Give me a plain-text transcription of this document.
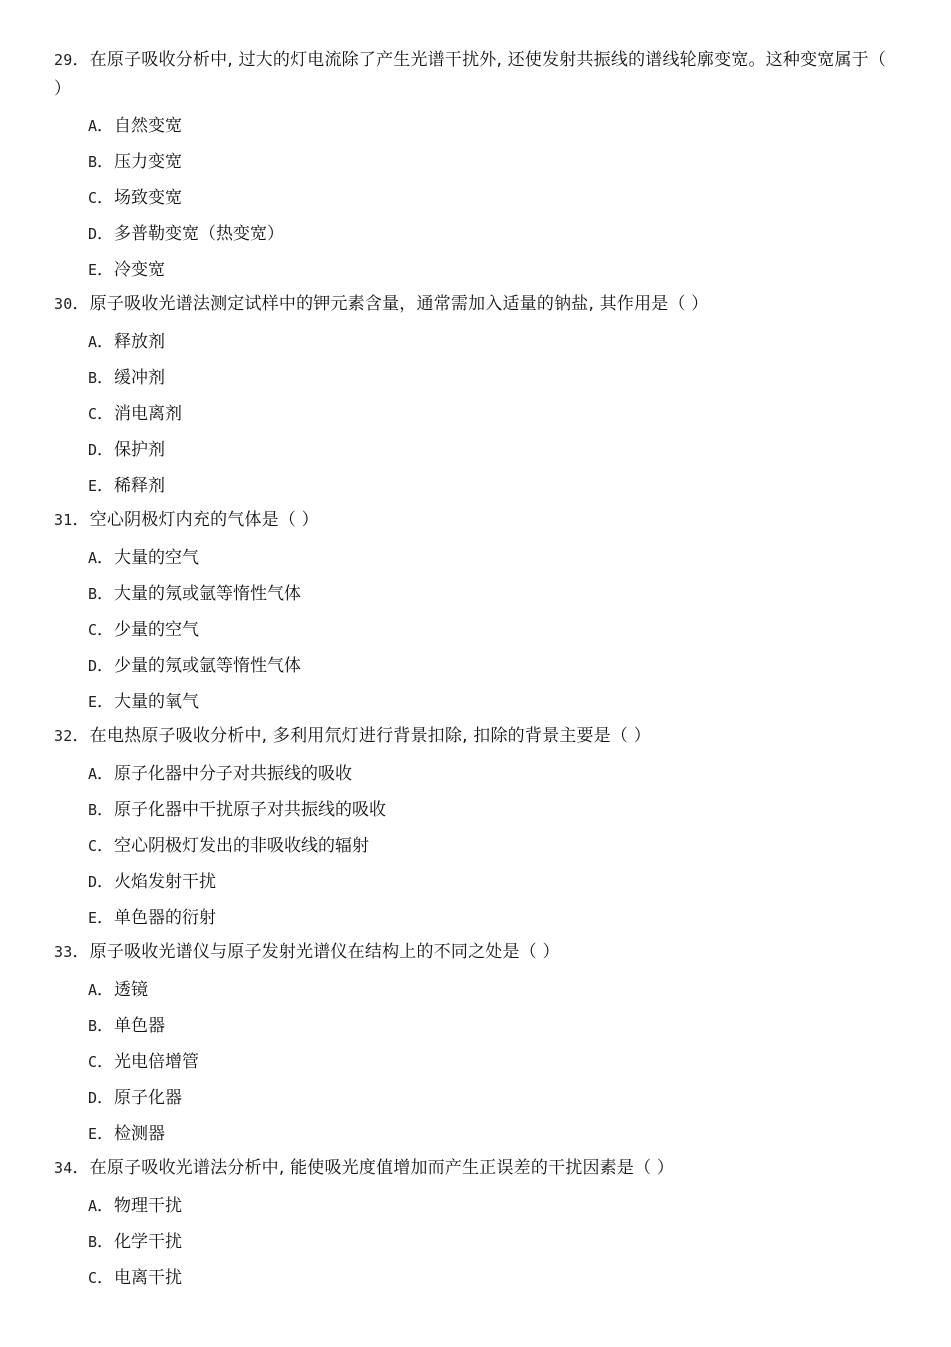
29．在原子吸收分析中, 过大的灯电流除了产生光谱干扰外, 还使发射共振线的谱线轮廓变宽。这种变宽属于（ ）
A．自然变宽
B．压力变宽
C．场致变宽
D．多普勒变宽（热变宽）
E．冷变宽
30．原子吸收光谱法测定试样中的钾元素含量，通常需加入适量的钠盐, 其作用是（ ）
A．释放剂
B．缓冲剂
C．消电离剂
D．保护剂
E．稀释剂
31．空心阴极灯内充的气体是（ ）
A．大量的空气
B．大量的氖或氩等惰性气体
C．少量的空气
D．少量的氖或氩等惰性气体
E．大量的氧气
32．在电热原子吸收分析中, 多利用氘灯进行背景扣除, 扣除的背景主要是（ ）
A．原子化器中分子对共振线的吸收
B．原子化器中干扰原子对共振线的吸收
C．空心阴极灯发出的非吸收线的辐射
D．火焰发射干扰
E．单色器的衍射
33．原子吸收光谱仪与原子发射光谱仪在结构上的不同之处是（ ）
A．透镜
B．单色器
C．光电倍增管
D．原子化器
E．检测器
34．在原子吸收光谱法分析中, 能使吸光度值增加而产生正误差的干扰因素是（ ）
A．物理干扰
B．化学干扰
C．电离干扰
